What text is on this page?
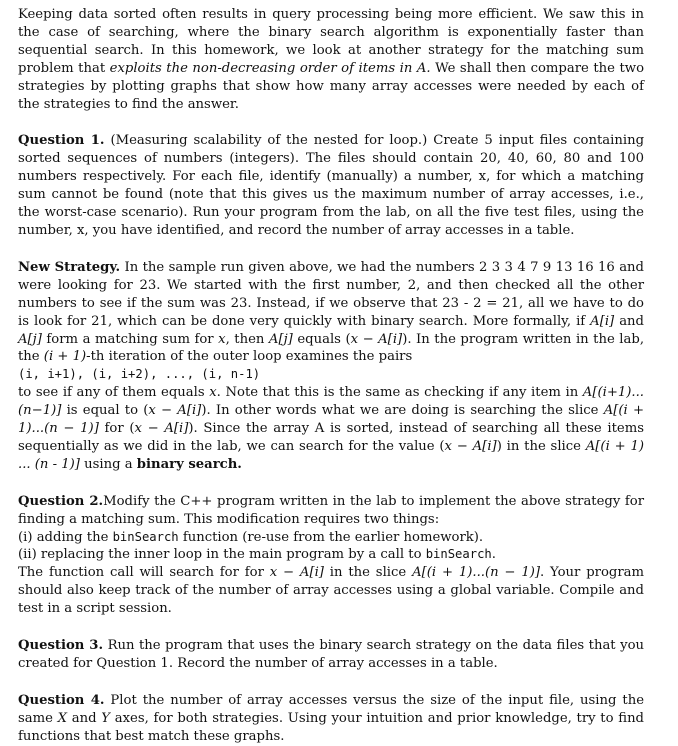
Keeping data sorted often results in query processing being more efficient. We saw this in the case of searching, where the binary search algorithm is exponentially faster than sequential search. In this homework, we look at another strategy for the matching sum problem that exploits the non-decreasing order of items in A. We shall then compare the two strategies by plotting graphs that show how many array accesses were needed by each of the strategies to find the answer.

Question 1. (Measuring scalability of the nested for loop.) Create 5 input files containing sorted sequences of numbers (integers). The files should contain 20, 40, 60, 80 and 100 numbers respectively. For each file, identify (manually) a number, x, for which a matching sum cannot be found (note that this gives us the maximum number of array accesses, i.e., the worst-case scenario). Run your program from the lab, on all the five test files, using the number, x, you have identified, and record the number of array accesses in a table.

New Strategy. In the sample run given above, we had the numbers 2 3 3 4 7 9 13 16 16 and were looking for 23. We started with the first number, 2, and then checked all the other numbers to see if the sum was 23. Instead, if we observe that 23 - 2 = 21, all we have to do is look for 21, which can be done very quickly with binary search. More formally, if A[i] and A[j] form a matching sum for x, then A[j] equals (x − A[i]). In the program written in the lab, the (i + 1)-th iteration of the outer loop examines the pairs
(i, i+1), (i, i+2), ..., (i, n-1)
to see if any of them equals x. Note that this is the same as checking if any item in A[(i+1)...(n−1)] is equal to (x − A[i]). In other words what we are doing is searching the slice A[(i + 1)...(n − 1)] for (x − A[i]). Since the array A is sorted, instead of searching all these items sequentially as we did in the lab, we can search for the value (x − A[i]) in the slice A[(i + 1) ... (n - 1)] using a binary search.

Question 2.Modify the C++ program written in the lab to implement the above strategy for finding a matching sum. This modification requires two things:
(i) adding the binSearch function (re-use from the earlier homework).
(ii) replacing the inner loop in the main program by a call to binSearch.
The function call will search for for x − A[i] in the slice A[(i + 1)...(n − 1)]. Your program should also keep track of the number of array accesses using a global variable. Compile and test in a script session.

Question 3. Run the program that uses the binary search strategy on the data files that you created for Question 1. Record the number of array accesses in a table.

Question 4. Plot the number of array accesses versus the size of the input file, using the same X and Y axes, for both strategies. Using your intuition and prior knowledge, try to find functions that best match these graphs.
